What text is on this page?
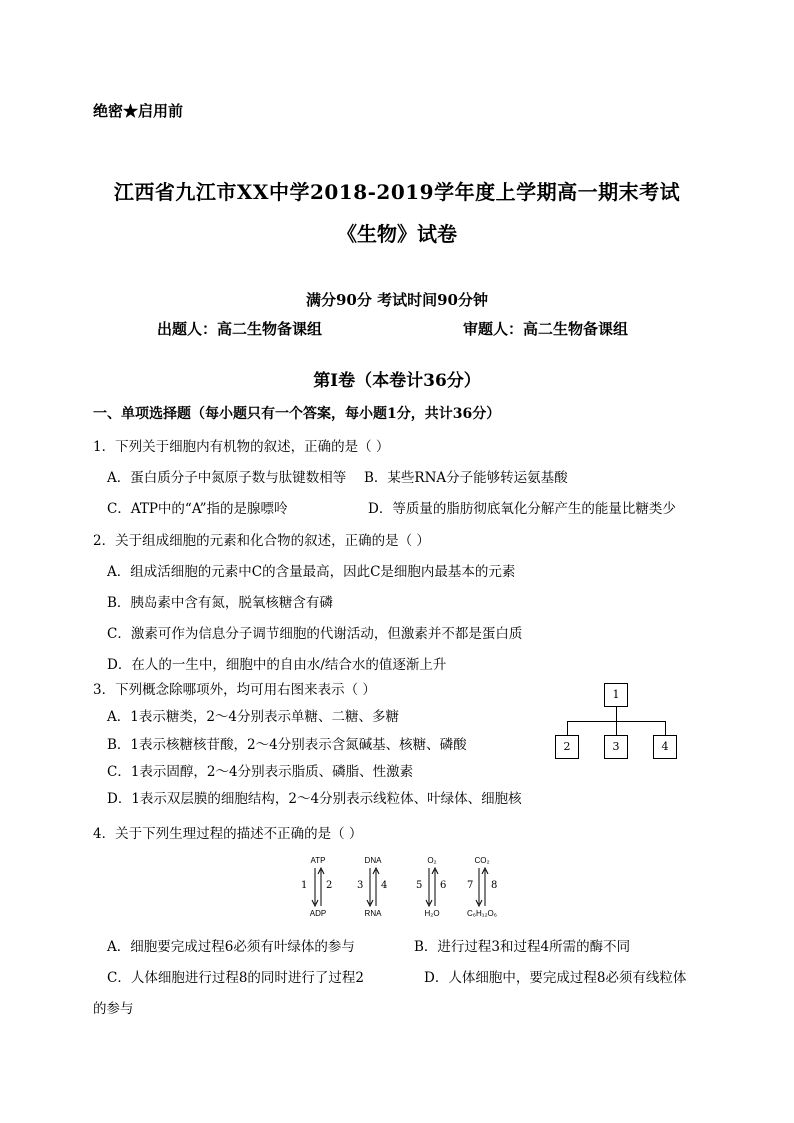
绝密★启用前
江西省九江市XX中学2018-2019学年度上学期高一期末考试
《生物》试卷
满分90分 考试时间90分钟
出题人：高二生物备课组	审题人：高二生物备课组
第Ⅰ卷（本卷计36分）
一、单项选择题（每小题只有一个答案，每小题1分，共计36分）
1．下列关于细胞内有机物的叙述，正确的是（ ）
A．蛋白质分子中氮原子数与肽键数相等 B．某些RNA分子能够转运氨基酸
C．ATP中的“A”指的是腺嘌呤	D．等质量的脂肪彻底氧化分解产生的能量比糖类少
2．关于组成细胞的元素和化合物的叙述，正确的是（ ）
A．组成活细胞的元素中C的含量最高，因此C是细胞内最基本的元素
B．胰岛素中含有氮，脱氧核糖含有磷
C．激素可作为信息分子调节细胞的代谢活动，但激素并不都是蛋白质
D．在人的一生中，细胞中的自由水/结合水的值逐渐上升
3．下列概念除哪项外，均可用右图来表示（ ）
A．1表示糖类，2～4分别表示单糖、二糖、多糖
B．1表示核糖核苷酸，2～4分别表示含氮碱基、核糖、磷酸
C．1表示固醇，2～4分别表示脂质、磷脂、性激素
D．1表示双层膜的细胞结构，2～4分别表示线粒体、叶绿体、细胞核
1
2	3	4
4．关于下列生理过程的描述不正确的是（ ）
ATP
1 2
ADP
DNA
3 4
RNA
O₂
5 6
H₂O
CO₂
7 8
C₆H₁₂O₆
A．细胞要完成过程6必须有叶绿体的参与	B．进行过程3和过程4所需的酶不同
C．人体细胞进行过程8的同时进行了过程2	D．人体细胞中，要完成过程8必须有线粒体
的参与
